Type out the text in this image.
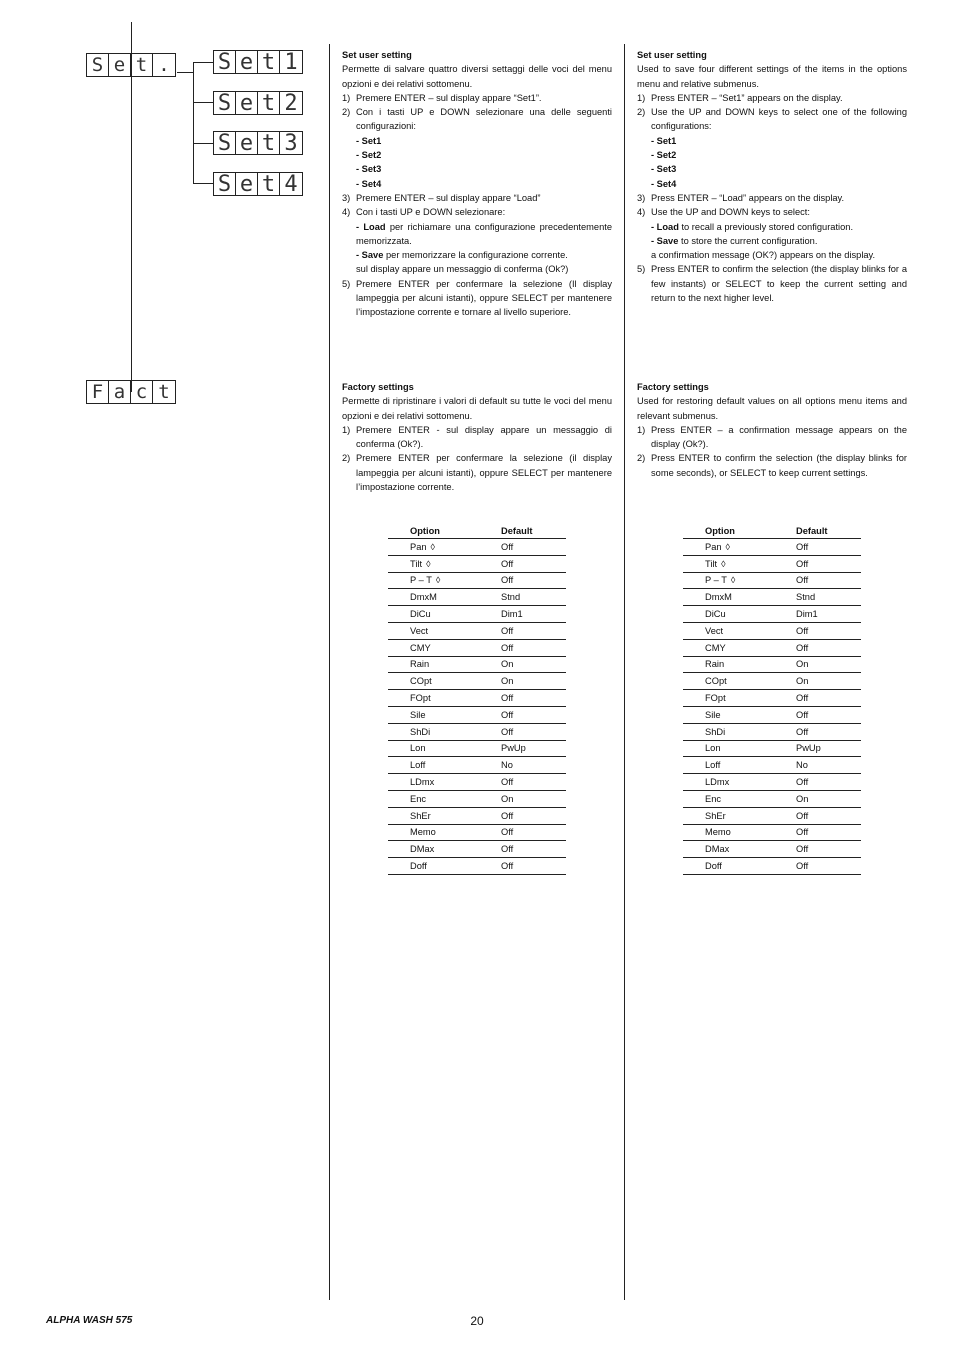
S e t . S e t 1
S e t 2
S e t 3
S e t 4
F a c t
Set user setting

Permette di salvare quattro diversi settaggi delle voci del menu opzioni e dei relativi sottomenu.

1) Premere ENTER – sul display appare “Set1”.
2) Con i tasti UP e DOWN selezionare una delle seguenti configurazioni:
- Set1
- Set2
- Set3
- Set4
3) Premere ENTER – sul display appare “Load”
4) Con i tasti UP e DOWN selezionare:
- Load per richiamare una configurazione precedentemente memorizzata.
- Save per memorizzare la configurazione corrente.
sul display appare un messaggio di conferma (Ok?)
5) Premere ENTER per confermare la selezione (Il display lampeggia per alcuni istanti), oppure SELECT per mantenere l’impostazione corrente e tornare al livello superiore.
Set user setting

Used to save four different settings of the items in the options menu and relative submenus.

1) Press ENTER – “Set1” appears on the display.
2) Use the UP and DOWN keys to select one of the following configurations:
- Set1
- Set2
- Set3
- Set4
3) Press ENTER – “Load” appears on the display.
4) Use the UP and DOWN keys to select:
- Load to recall a previously stored configuration.
- Save to store the current configuration.
a confirmation message (OK?) appears on the display.
5) Press ENTER to confirm the selection (the display blinks for a few instants) or SELECT to keep the current setting and return to the next higher level.
Factory settings

Permette di ripristinare i valori di default su tutte le voci del menu opzioni e dei relativi sottomenu.

1) Premere ENTER - sul display appare un messaggio di conferma (Ok?).
2) Premere ENTER per confermare la selezione (il display lampeggia per alcuni istanti), oppure SELECT per mantenere l’impostazione corrente.
Factory settings

Used for restoring default values on all options menu items and relevant submenus.

1) Press ENTER – a confirmation message appears on the display (Ok?).
2) Press ENTER to confirm the selection (the display blinks for some seconds), or SELECT to keep current settings.
Option	Default
Pan ◊	Off
Tilt ◊	Off
P – T ◊	Off
DmxM	Stnd
DiCu	Dim1
Vect	Off
CMY	Off
Rain	On
COpt	On
FOpt	Off
Sile	Off
ShDi	Off
Lon	PwUp
Loff	No
LDmx	Off
Enc	On
ShEr	Off
Memo	Off
DMax	Off
Doff	Off
Option	Default
Pan ◊	Off
Tilt ◊	Off
P – T ◊	Off
DmxM	Stnd
DiCu	Dim1
Vect	Off
CMY	Off
Rain	On
COpt	On
FOpt	Off
Sile	Off
ShDi	Off
Lon	PwUp
Loff	No
LDmx	Off
Enc	On
ShEr	Off
Memo	Off
DMax	Off
Doff	Off
ALPHA WASH 575	20
